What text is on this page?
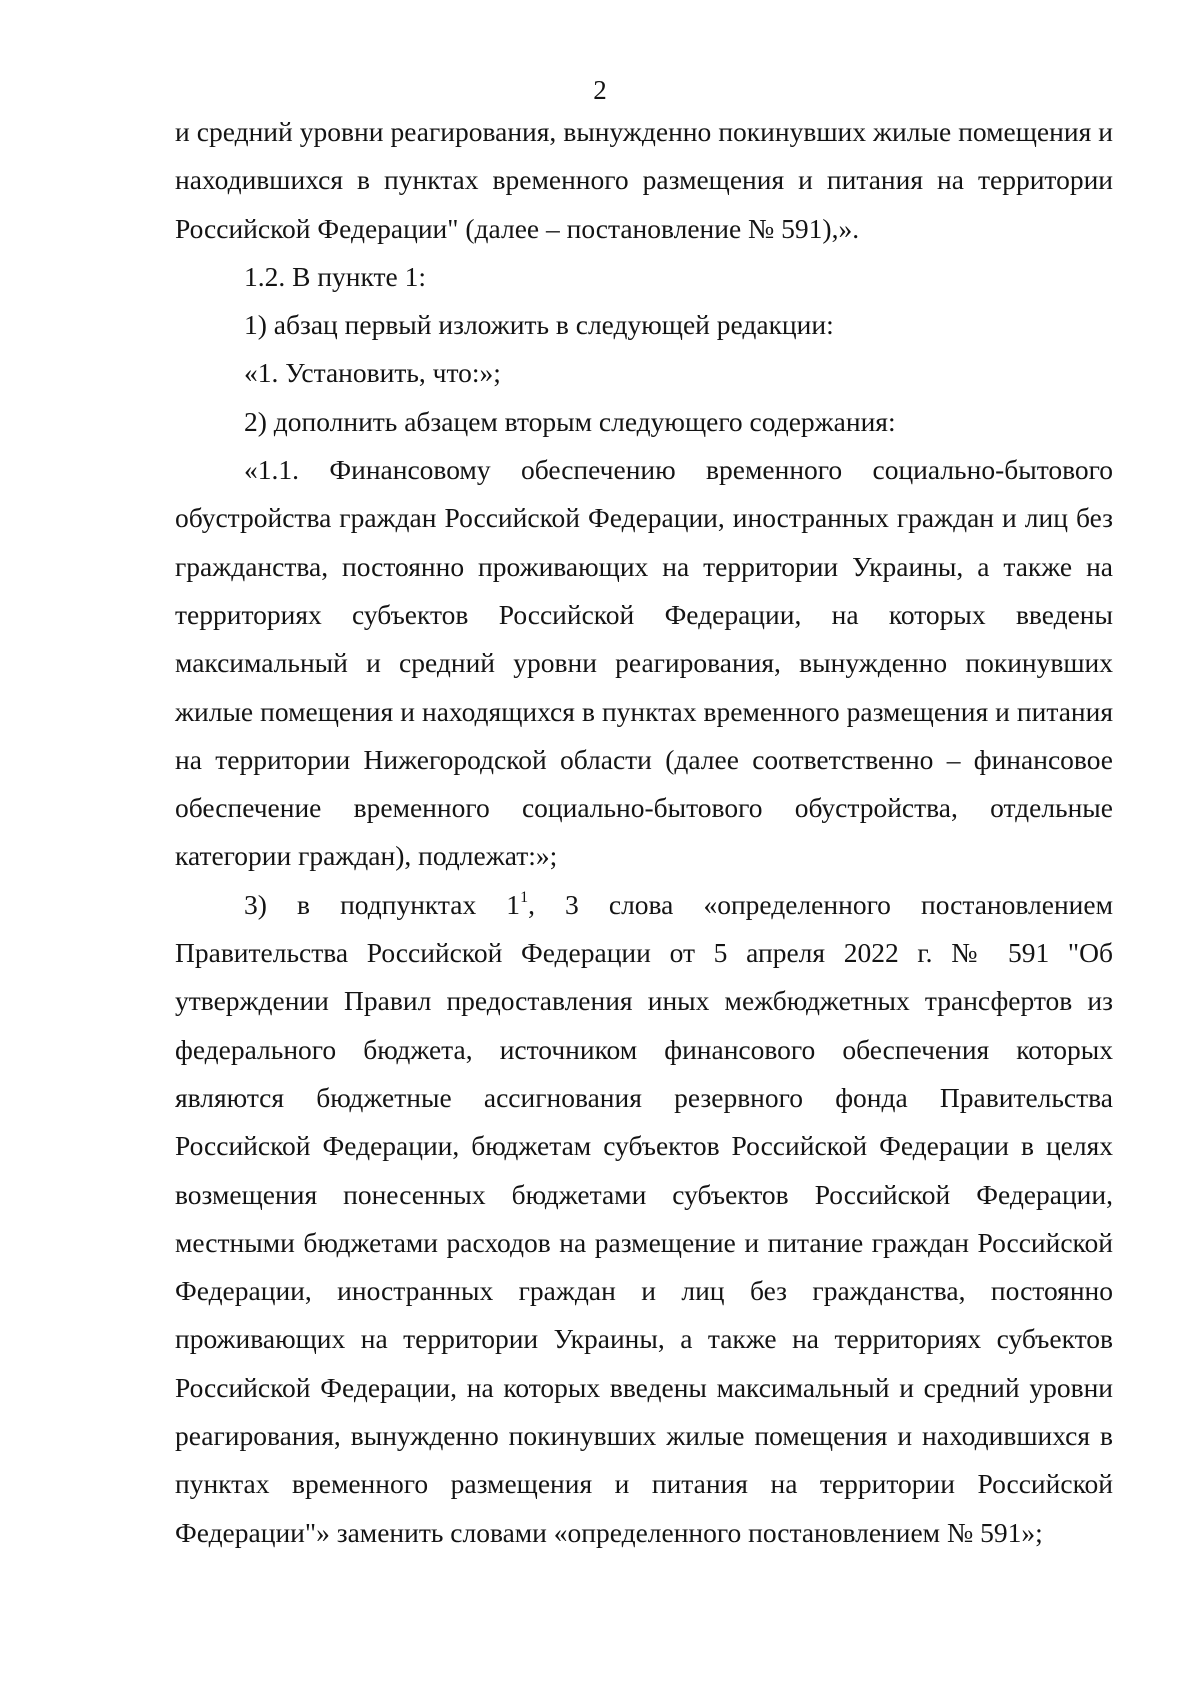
2

и средний уровни реагирования, вынужденно покинувших жилые помещения и находившихся в пунктах временного размещения и питания на территории Российской Федерации" (далее – постановление № 591),».

1.2. В пункте 1:

1) абзац первый изложить в следующей редакции:

«1. Установить, что:»;

2) дополнить абзацем вторым следующего содержания:

«1.1. Финансовому обеспечению временного социально-бытового обустройства граждан Российской Федерации, иностранных граждан и лиц без гражданства, постоянно проживающих на территории Украины, а также на территориях субъектов Российской Федерации, на которых введены максимальный и средний уровни реагирования, вынужденно покинувших жилые помещения и находящихся в пунктах временного размещения и питания на территории Нижегородской области (далее соответственно – финансовое обеспечение временного социально-бытового обустройства, отдельные категории граждан), подлежат:»;

3) в подпунктах $1^1$, 3 слова «определенного постановлением Правительства Российской Федерации от 5 апреля 2022 г. № 591 "Об утверждении Правил предоставления иных межбюджетных трансфертов из федерального бюджета, источником финансового обеспечения которых являются бюджетные ассигнования резервного фонда Правительства Российской Федерации, бюджетам субъектов Российской Федерации в целях возмещения понесенных бюджетами субъектов Российской Федерации, местными бюджетами расходов на размещение и питание граждан Российской Федерации, иностранных граждан и лиц без гражданства, постоянно проживающих на территории Украины, а также на территориях субъектов Российской Федерации, на которых введены максимальный и средний уровни реагирования, вынужденно покинувших жилые помещения и находившихся в пунктах временного размещения и питания на территории Российской Федерации"» заменить словами «определенного постановлением № 591»;
